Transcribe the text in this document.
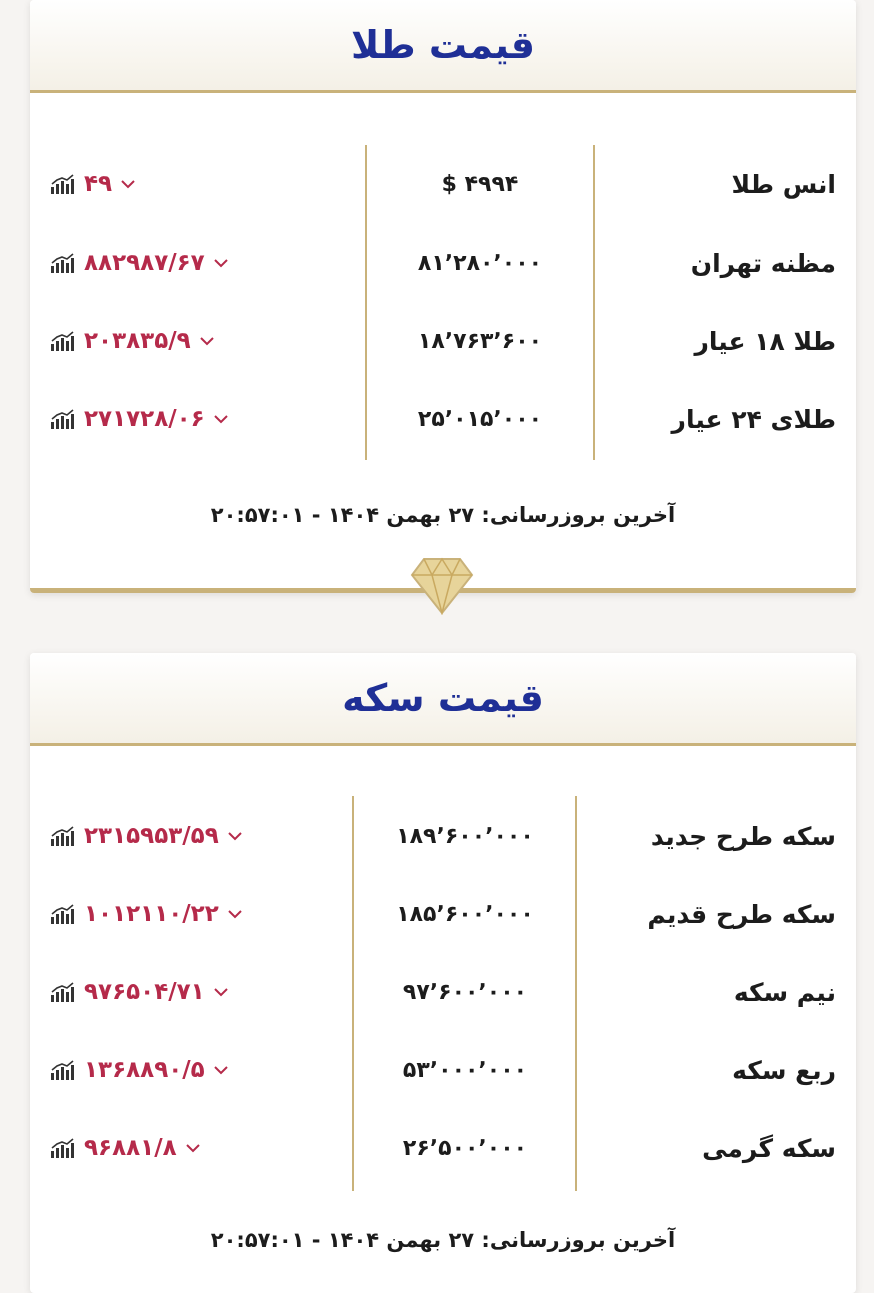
قیمت طلا
انس طلا
$ ۴۹۹۴
۴۹
مظنه تهران
۸۱٬۲۸۰٬۰۰۰
۸۸۲۹۸۷/۶۷
طلا ۱۸ عیار
۱۸٬۷۶۳٬۶۰۰
۲۰۳۸۳۵/۹
طلای ۲۴ عیار
۲۵٬۰۱۵٬۰۰۰
۲۷۱۷۲۸/۰۶
آخرین بروزرسانی: ۲۷ بهمن ۱۴۰۴ - ۲۰:۵۷:۰۱
قیمت سکه
سکه طرح جدید
۱۸۹٬۶۰۰٬۰۰۰
۲۳۱۵۹۵۳/۵۹
سکه طرح قدیم
۱۸۵٬۶۰۰٬۰۰۰
۱۰۱۲۱۱۰/۲۲
نیم سکه
۹۷٬۶۰۰٬۰۰۰
۹۷۶۵۰۴/۷۱
ربع سکه
۵۳٬۰۰۰٬۰۰۰
۱۳۶۸۸۹۰/۵
سکه گرمی
۲۶٬۵۰۰٬۰۰۰
۹۶۸۸۱/۸
آخرین بروزرسانی: ۲۷ بهمن ۱۴۰۴ - ۲۰:۵۷:۰۱
